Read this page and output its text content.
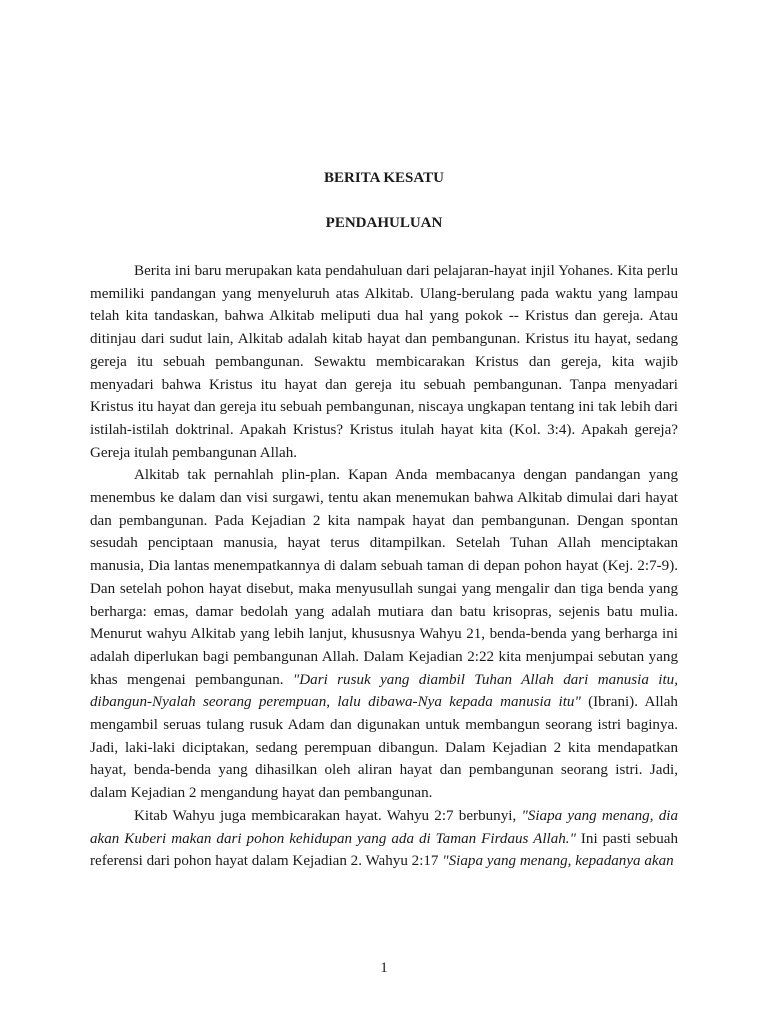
BERITA KESATU
PENDAHULUAN

Berita ini baru merupakan kata pendahuluan dari pelajaran-hayat injil Yohanes. Kita perlu memiliki pandangan yang menyeluruh atas Alkitab. Ulang-berulang pada waktu yang lampau telah kita tandaskan, bahwa Alkitab meliputi dua hal yang pokok -- Kristus dan gereja. Atau ditinjau dari sudut lain, Alkitab adalah kitab hayat dan pembangunan. Kristus itu hayat, sedang gereja itu sebuah pembangunan. Sewaktu membicarakan Kristus dan gereja, kita wajib menyadari bahwa Kristus itu hayat dan gereja itu sebuah pembangunan. Tanpa menyadari Kristus itu hayat dan gereja itu sebuah pembangunan, niscaya ungkapan tentang ini tak lebih dari istilah-istilah doktrinal. Apakah Kristus? Kristus itulah hayat kita (Kol. 3:4). Apakah gereja? Gereja itulah pembangunan Allah.

Alkitab tak pernahlah plin-plan. Kapan Anda membacanya dengan pandangan yang menembus ke dalam dan visi surgawi, tentu akan menemukan bahwa Alkitab dimulai dari hayat dan pembangunan. Pada Kejadian 2 kita nampak hayat dan pembangunan. Dengan spontan sesudah penciptaan manusia, hayat terus ditampilkan. Setelah Tuhan Allah menciptakan manusia, Dia lantas menempatkannya di dalam sebuah taman di depan pohon hayat (Kej. 2:7-9). Dan setelah pohon hayat disebut, maka menyusullah sungai yang mengalir dan tiga benda yang berharga: emas, damar bedolah yang adalah mutiara dan batu krisopras, sejenis batu mulia. Menurut wahyu Alkitab yang lebih lanjut, khususnya Wahyu 21, benda-benda yang berharga ini adalah diperlukan bagi pembangunan Allah. Dalam Kejadian 2:22 kita menjumpai sebutan yang khas mengenai pembangunan. "Dari rusuk yang diambil Tuhan Allah dari manusia itu, dibangun-Nyalah seorang perempuan, lalu dibawa-Nya kepada manusia itu" (Ibrani). Allah mengambil seruas tulang rusuk Adam dan digunakan untuk membangun seorang istri baginya. Jadi, laki-laki diciptakan, sedang perempuan dibangun. Dalam Kejadian 2 kita mendapatkan hayat, benda-benda yang dihasilkan oleh aliran hayat dan pembangunan seorang istri. Jadi, dalam Kejadian 2 mengandung hayat dan pembangunan.

Kitab Wahyu juga membicarakan hayat. Wahyu 2:7 berbunyi, "Siapa yang menang, dia akan Kuberi makan dari pohon kehidupan yang ada di Taman Firdaus Allah." Ini pasti sebuah referensi dari pohon hayat dalam Kejadian 2. Wahyu 2:17 "Siapa yang menang, kepadanya akan

1
